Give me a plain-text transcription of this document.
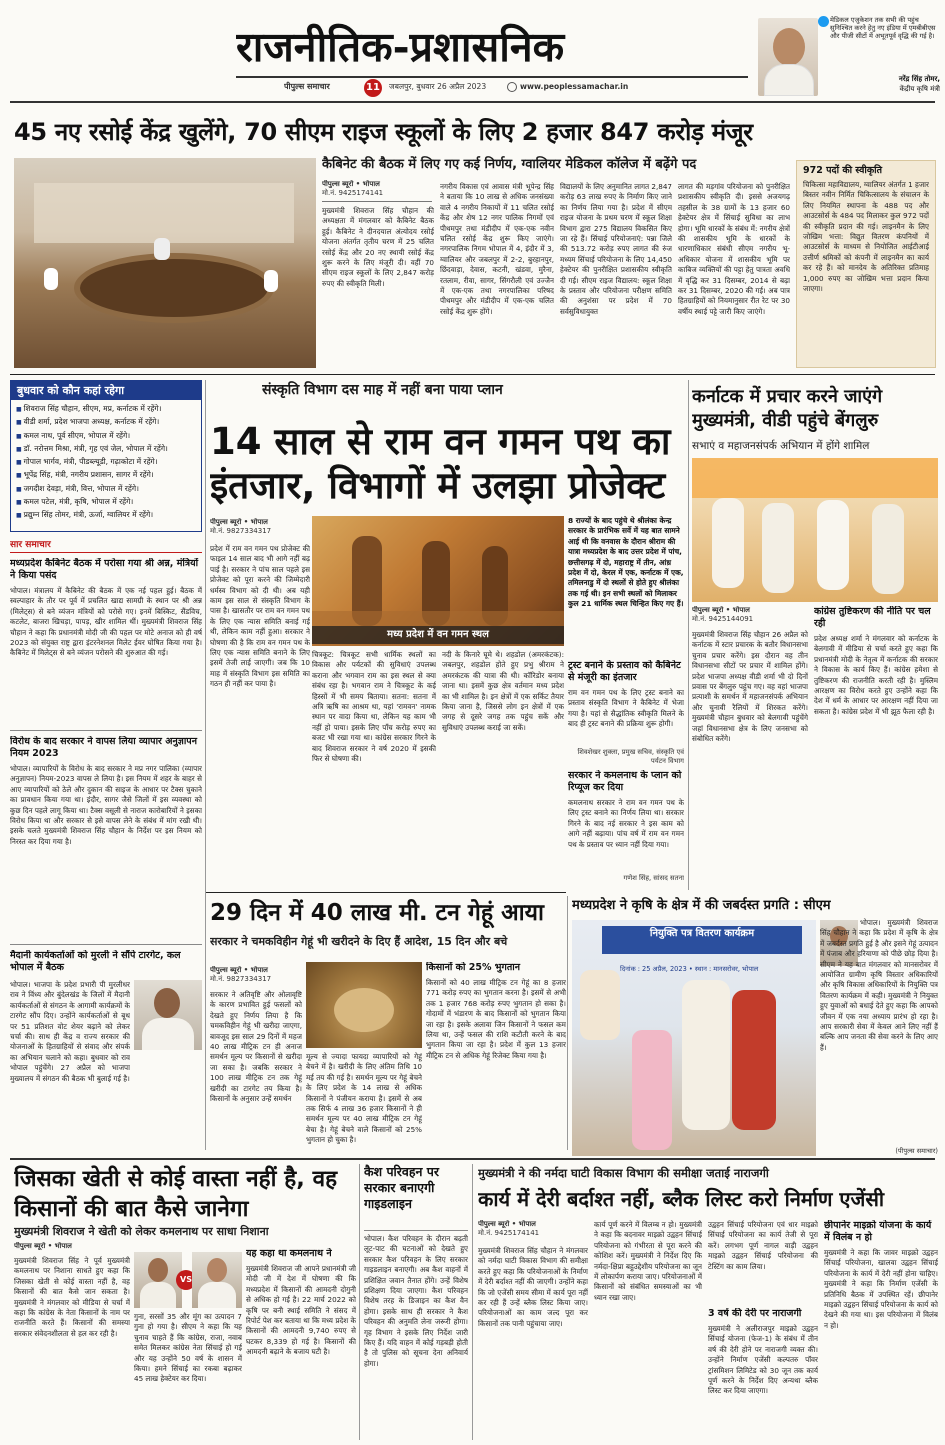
राजनीतिक-प्रशासनिक
पीपुल्स समाचार	11 जबलपुर, बुधवार 26 अप्रैल 2023	www.peoplessamachar.in
मेडिकल एजुकेशन तक सभी की पहुंच सुनिश्चित करने हेतु नए इंडिया में एमबीबीएस और पीजी सीटों में अभूतपूर्व वृद्धि की गई है।
नरेंद्र सिंह तोमर,
केंद्रीय कृषि मंत्री
45 नए रसोई केंद्र खुलेंगे, 70 सीएम राइज स्कूलों के लिए 2 हजार 847 करोड़ मंजूर
कैबिनेट की बैठक में लिए गए कई निर्णय, ग्वालियर मेडिकल कॉलेज में बढ़ेंगे पद
पीपुल्स ब्यूरो • भोपाल
मो.नं. 9425174141
मुख्यमंत्री शिवराज सिंह चौहान की अध्यक्षता में मंगलवार को कैबिनेट बैठक हुई। कैबिनेट ने दीनदयाल अंत्योदय रसोई योजना अंतर्गत तृतीय चरण में 25 चलित रसोई केंद्र और 20 नए स्थायी रसोई केंद्र शुरू करने के लिए मंजूरी दी। वहीं 70 सीएम राइज स्कूलों के लिए 2,847 करोड़ रुपए की स्वीकृति मिली।
नगरीय विकास एवं आवास मंत्री भूपेन्द्र सिंह ने बताया कि 10 लाख से अधिक जनसंख्या वाले 4 नगरीय निकायों में 11 चलित रसोई केंद्र और शेष 12 नगर पालिक निगमों एवं पीथमपुर तथा मंडीदीप में एक-एक नवीन चलित रसोई केंद्र शुरू किए जाएंगे। नगरपालिक निगम भोपाल में 4, इंदौर में 3, ग्वालियर और जबलपुर में 2-2, बुरहानपुर, छिंदवाड़ा, देवास, कटनी, खंडवा, मुरैना, रतलाम, रीवा, सागर, सिंगरौली एवं उज्जैन में एक-एक तथा नगरपालिका परिषद पीथमपुर और मंडीदीप में एक-एक चलित रसोई केंद्र शुरू होंगे।
विद्यालयों के लिए अनुमानित लागत 2,847 करोड़ 63 लाख रुपए के निर्माण किए जाने का निर्णय लिया गया है। प्रदेश में सीएम राइज योजना के प्रथम चरण में स्कूल शिक्षा विभाग द्वारा 275 विद्यालय विकसित किए जा रहे हैं। सिंचाई परियोजनाएं: पन्ना जिले की 513.72 करोड़ रुपए लागत की रुंज मध्यम सिंचाई परियोजना के लिए 14,450 हेक्टेयर की पुनरीक्षित प्रशासकीय स्वीकृति दी गई। सीएम राइज विद्यालय: स्कूल शिक्षा के प्रस्ताव और परियोजना परीक्षण समिति की अनुशंसा पर प्रदेश में 70 सर्वसुविधायुक्त
लागत की मड़गांव परियोजना को पुनरीक्षित प्रशासकीय स्वीकृति दी। इससे अजयगढ़ तहसील के 38 ग्रामों के 13 हजार 60 हेक्टेयर क्षेत्र में सिंचाई सुविधा का लाभ होगा। भूमि धारकों के संबंध में: नगरीय क्षेत्रों की शासकीय भूमि के धारकों के धारणाधिकार संबंधी सीएम नगरीय भू-अधिकार योजना में शासकीय भूमि पर काबिज व्यक्तियों की पट्टा हेतु पात्रता अवधि में वृद्धि कर 31 दिसम्बर, 2014 से बढ़ा कर 31 दिसम्बर, 2020 की गई। अब पात्र हितग्राहियों को नियमानुसार रीत रेट पर 30 वर्षीय स्थाई पट्टे जारी किए जाएंगे।
972 पदों की स्वीकृति
चिकित्सा महाविद्यालय, ग्वालियर अंतर्गत 1 हजार बिस्तर नवीन निर्मित चिकित्सालय के संचालन के लिए नियमित स्थापना के 488 पद और आउटसोर्स के 484 पद मिलाकर कुल 972 पदों की स्वीकृति प्रदान की गई। लाइनमैन के लिए जोखिम भत्ता: विद्युत वितरण कंपनियों में आउटसोर्स के माध्यम से नियोजित आईटीआई उत्तीर्ण श्रमिकों को कंपनी में लाइनमैन का कार्य कर रहे हैं। को मानदेय के अतिरिक्त प्रतिमाह 1,000 रुपए का जोखिम भत्ता प्रदान किया जाएगा।
बुधवार को कौन कहां रहेगा
■ शिवराज सिंह चौहान, सीएम, मप्र, कर्नाटक में रहेंगे।
■ वीडी शर्मा, प्रदेश भाजपा अध्यक्ष, कर्नाटक में रहेंगे।
■ कमल नाथ, पूर्व सीएम, भोपाल में रहेंगे।
■ डॉ. नरोत्तम मिश्रा, मंत्री, गृह एवं जेल, भोपाल में रहेंगे।
■ गोपाल भार्गव, मंत्री, पीडब्ल्यूडी, गढ़ाकोटा में रहेंगे।
■ भूपेंद्र सिंह, मंत्री, नगरीय प्रशासन, सागर में रहेंगे।
■ जगदीश देवड़ा, मंत्री, वित्त, भोपाल में रहेंगे।
■ कमल पटेल, मंत्री, कृषि, भोपाल में रहेंगे।
■ प्रद्युम्न सिंह तोमर, मंत्री, ऊर्जा, ग्वालियर में रहेंगे।
सार समाचार
मध्यप्रदेश कैबिनेट बैठक में परोसा गया श्री अन्न, मंत्रियों ने किया पसंद
भोपाल। मंत्रालय में कैबिनेट की बैठक में एक नई पहल हुई। बैठक में स्वल्पाहार के तौर पर पूर्व में प्रचलित खाद्य सामग्री के स्थान पर श्री अन्न (मिलेट्स) से बने व्यंजन मंत्रियों को परोसे गए। इनमें बिस्किट, सैंडविच, कटलेट, बाजरा खिचड़ा, पापड़, खीर शामिल थीं। मुख्यमंत्री शिवराज सिंह चौहान ने कहा कि प्रधानमंत्री मोदी जी की पहल पर मोटे अनाज को ही वर्ष 2023 को संयुक्त राष्ट्र द्वारा इंटरनेशनल मिलेट ईयर घोषित किया गया है। कैबिनेट में मिलेट्स से बने व्यंजन परोसने की शुरुआत की गई।
विरोध के बाद सरकार ने वापस लिया व्यापार अनुज्ञापन नियम 2023
भोपाल। व्यापारियों के विरोध के बाद सरकार ने मप्र नगर पालिका (व्यापार अनुज्ञापन) नियम-2023 वापस ले लिया है। इस नियम में शहर के बाहर से आए व्यापारियों को ठेले और दुकान की साइज के आधार पर टैक्स चुकाने का प्रावधान किया गया था। इंदौर, सागर जैसे जिलों में इस व्यवस्था को कुछ दिन पहले लागू किया था। टैक्स वसूली से नाराज कारोबारियों ने इसका विरोध किया था और सरकार से इसे वापस लेने के संबंध में मांग रखी थी। इसके चलते मुख्यमंत्री शिवराज सिंह चौहान के निर्देश पर इस नियम को निरस्त कर दिया गया है।
मैदानी कार्यकर्ताओं को मुरली ने सौंपे टारगेट, कल भोपाल में बैठक
भोपाल। भाजपा के प्रदेश प्रभारी पी मुरलीधर राव ने विंध्य और बुंदेलखंड के जिलों में मैदानी कार्यकर्ताओं से संगठन के आगामी कार्यक्रमों के टारगेट सौंप दिए। उन्होंने कार्यकर्ताओं से बूथ पर 51 प्रतिशत वोट शेयर बढ़ाने को लेकर चर्चा की। साथ ही केंद्र व राज्य सरकार की योजनाओं के हितग्राहियों से संवाद और संपर्क का अभियान चलाने को कहा। बुधवार को राव भोपाल पहुंचेंगे। 27 अप्रैल को भाजपा मुख्यालय में संगठन की बैठक भी बुलाई गई है।
संस्कृति विभाग दस माह में नहीं बना पाया प्लान
14 साल से राम वन गमन पथ का इंतजार, विभागों में उलझा प्रोजेक्ट
पीपुल्स ब्यूरो • भोपाल
मो.नं. 9827334317
प्रदेश में राम वन गमन पथ प्रोजेक्ट की फाइल 14 साल बाद भी आगे नहीं बढ़ पाई है। सरकार ने पांच साल पहले इस प्रोजेक्ट को पूरा करने की जिम्मेदारी धर्मस्व विभाग को दी थी। अब यही काम इस साल से संस्कृति विभाग के पास है। खासतौर पर राम वन गमन पथ के लिए एक न्यास समिति बनाई गई थी, लेकिन काम नहीं हुआ। सरकार ने घोषणा की है कि राम वन गमन पथ के लिए एक न्यास समिति बनाने के लिए इसमें तेजी लाई जाएगी। जब कि 10 माह में संस्कृति विभाग इस समिति का गठन ही नहीं कर पाया है।
मध्य प्रदेश में वन गमन स्थल
चित्रकूट: चित्रकूट सभी धार्मिक स्थलों का विकास और पर्यटकों की सुविधाएं उपलब्ध कराना और भगवान राम का इस स्थल से क्या संबंध रहा है। भगवान राम ने चित्रकूट के कई हिस्सों में भी समय बिताया। सतना: सतना में अत्रि ऋषि का आश्रम था, यहां 'रामवन' नामक स्थान पर वादा किया था, लेकिन यह काम भी नहीं हो पाया। इसके लिए पाँच करोड़ रुपए का बजट भी रखा गया था। कांग्रेस सरकार गिरने के बाद शिवराज सरकार ने वर्ष 2020 में इसकी फिर से घोषणा की।
नदी के किनारे घूमे थे। शहडोल (अमरकंटक): जबलपुर, शहडोल होते हुए प्रभु श्रीराम ने अमरकंटक की यात्रा की थी। कॉरिडोर बनाया जाना था। इसमें कुछ क्षेत्र वर्तमान मध्य प्रदेश का भी शामिल है। इन क्षेत्रों में एक सर्किट तैयार किया जाना है, जिससे लोग इन क्षेत्रों में एक जगह से दूसरे जगह तक पहुंच सकें और सुविधाएं उपलब्ध कराई जा सकें।
8 राज्यों के बाद पहुंचे थे श्रीलंका केन्द्र सरकार के प्रारंभिक सर्वे में यह बात सामने आई थी कि वनवास के दौरान श्रीराम की यात्रा मध्यप्रदेश के बाद उत्तर प्रदेश में पांच, छत्तीसगढ़ में दो, महाराष्ट्र में तीन, आंध्र प्रदेश में दो, केरल में एक, कर्नाटक में एक, तमिलनाडु में दो स्थलों से होते हुए श्रीलंका तक गई थी। इन सभी स्थलों को मिलाकर कुल 21 धार्मिक स्थल चिन्हित किए गए हैं।
ट्रस्ट बनाने के प्रस्ताव को कैबिनेट से मंजूरी का इंतजार
राम वन गमन पथ के लिए ट्रस्ट बनाने का प्रस्ताव संस्कृति विभाग ने कैबिनेट में भेजा गया है। यहां से सैद्धांतिक स्वीकृति मिलने के बाद ही ट्रस्ट बनाने की प्रक्रिया शुरू होगी।
शिवशेखर शुक्ला, प्रमुख सचिव, संस्कृति एवं पर्यटन विभाग
सरकार ने कमलनाथ के प्लान को रिप्यूज कर दिया
कमलनाथ सरकार ने राम वन गमन पथ के लिए ट्रस्ट बनाने का निर्णय लिया था। सरकार गिरने के बाद नई सरकार ने इस काम को आगे नहीं बढ़ाया। पांच वर्ष में राम वन गमन पथ के प्रस्ताव पर ध्यान नहीं दिया गया।
गणेश सिंह, सांसद सतना
कर्नाटक में प्रचार करने जाएंगे मुख्यमंत्री, वीडी पहुंचे बेंगलुरु
सभाएं व महाजनसंपर्क अभियान में होंगे शामिल
पीपुल्स ब्यूरो • भोपाल
मो.नं. 9425144091
मुख्यमंत्री शिवराज सिंह चौहान 26 अप्रैल को कर्नाटक में स्टार प्रचारक के बतौर विधानसभा चुनाव प्रचार करेंगे। इस दौरान वह तीन विधानसभा सीटों पर प्रचार में शामिल होंगे। प्रदेश भाजपा अध्यक्ष वीडी शर्मा भी दो दिनों प्रवास पर बेंगलुरु पहुंच गए। वह वहां भाजपा प्रत्याशी के समर्थन में महाजनसंपर्क अभियान और चुनावी रैलियों में शिरकत करेंगे। मुख्यमंत्री चौहान बुधवार को बेलगावी पहुंचेंगे जहां विधानसभा क्षेत्र के लिए जनसभा को संबोधित करेंगे।
कांग्रेस तुष्टिकरण की नीति पर चल रही
प्रदेश अध्यक्ष शर्मा ने मंगलवार को कर्नाटक के बेलगावी में मीडिया से चर्चा करते हुए कहा कि प्रधानमंत्री मोदी के नेतृत्व में कर्नाटक की सरकार ने विकास के कार्य किए हैं। कांग्रेस हमेशा से तुष्टिकरण की राजनीति करती रही है। मुस्लिम आरक्षण का विरोध करते हुए उन्होंने कहा कि देश में धर्म के आधार पर आरक्षण नहीं दिया जा सकता है। कांग्रेस प्रदेश में भी झूठ फैला रही है।
29 दिन में 40 लाख मी. टन गेहूं आया
सरकार ने चमकविहीन गेहूं भी खरीदने के दिए हैं आदेश, 15 दिन और बचे
पीपुल्स ब्यूरो • भोपाल
मो.नं. 9827334317
सरकार ने अतिवृष्टि और ओलावृष्टि के कारण प्रभावित हुई फसलों को देखते हुए निर्णय लिया है कि चमकविहीन गेहूं भी खरीदा जाएगा, बावजूद इस साल 29 दिनों में महज 40 लाख मीट्रिक टन ही अनाज समर्थन मूल्य पर किसानों से खरीदा जा सका है। जबकि सरकार ने 100 लाख मीट्रिक टन तक गेहूं खरीदी का टारगेट तय किया है। किसानों के अनुसार उन्हें समर्थन
मूल्य से ज्यादा फायदा व्यापारियों को गेहूं बेचने में है। खरीदी के लिए अंतिम तिथि 10 मई तय की गई है। समर्थन मूल्य पर गेहूं बेचने के लिए प्रदेश के 14 लाख से अधिक किसानों ने पंजीयन कराया है। इसमें से अब तक सिर्फ 4 लाख 36 हजार किसानों ने ही समर्थन मूल्य पर 40 लाख मीट्रिक टन गेहूं बेचा है। गेहूं बेचने वाले किसानों को 25% भुगतान हो चुका है।
किसानों को 25% भुगतान
किसानों को 40 लाख मीट्रिक टन गेहूं का 8 हजार 771 करोड़ रुपए का भुगतान करना है। इसमें से अभी तक 1 हजार 768 करोड़ रुपए भुगतान हो सका है। गोदामों में भंडारण के बाद किसानों को भुगतान किया जा रहा है। इसके अलावा जिन किसानों ने फसल कम लिया था, उन्हें फसल की राशि कटौती करने के बाद भुगतान किया जा रहा है। प्रदेश में कुल 13 हजार मीट्रिक टन से अधिक गेहूं रिजेक्ट किया गया है।
मध्यप्रदेश ने कृषि के क्षेत्र में की जबर्दस्त प्रगति : सीएम
नियुक्ति पत्र वितरण कार्यक्रम
दिनांक : 25 अप्रैल, 2023 • स्थान : मानसरोवर, भोपाल
भोपाल। मुख्यमंत्री शिवराज सिंह चौहान ने कहा कि प्रदेश में कृषि के क्षेत्र में जबर्दस्त प्रगति हुई है और इसने गेहूं उत्पादन में पंजाब और हरियाणा को पीछे छोड़ दिया है। सीएम ने यह बात मंगलवार को मानसरोवर में आयोजित ग्रामीण कृषि विस्तार अधिकारियों और कृषि विकास अधिकारियों के नियुक्ति पत्र वितरण कार्यक्रम में कही। मुख्यमंत्री ने नियुक्त हुए युवाओं को बधाई देते हुए कहा कि आपको जीवन में एक नया अध्याय प्रारंभ हो रहा है। आप सरकारी सेवा में केवल आने लिए नहीं हैं बल्कि आप जनता की सेवा करने के लिए आए हैं।
(पीपुल्स समाचार)
जिसका खेती से कोई वास्ता नहीं है, वह किसानों की बात कैसे जानेगा
मुख्यमंत्री शिवराज ने खेती को लेकर कमलनाथ पर साधा निशाना
पीपुल्स ब्यूरो • भोपाल
VS
मुख्यमंत्री शिवराज सिंह ने पूर्व मुख्यमंत्री कमलनाथ पर निशाना साधते हुए कहा कि जिसका खेती से कोई वास्ता नहीं है, वह किसानों की बात कैसे जान सकता है। मुख्यमंत्री ने मंगलवार को मीडिया से चर्चा में कहा कि कांग्रेस के नेता किसानों के नाम पर राजनीति करते हैं। किसानों की समस्या सरकार संवेदनशीलता से हल कर रही है।
गुना, सरसों 35 और मूंग का उत्पादन 7 गुना हो गया है। सीएम ने कहा कि यह चुनाव चाहते हैं कि कांग्रेस, राजा, नवाब समेत मिलकर कांग्रेस नेता सिंचाई हो गई और यह उन्होंने 50 वर्ष के शासन में किया। हमने सिंचाई का रकबा बढ़ाकर 45 लाख हेक्टेयर कर दिया।
यह कहा था कमलनाथ ने
मुख्यमंत्री शिवराज जी आपने प्रधानमंत्री जी मोदी जी में देश में घोषणा की कि मध्यप्रदेश में किसानों की आमदनी दोगुनी से अधिक हो गई है। 22 मार्च 2022 को कृषि पर बनी स्थाई समिति ने संसद में रिपोर्ट पेश कर बताया था कि मध्य प्रदेश के किसानों की आमदनी 9,740 रुपए से घटकर 8,339 हो गई है। किसानों की आमदनी बढ़ाने के बजाय घटी है।
कैश परिवहन पर सरकार बनाएगी गाइडलाइन
भोपाल। कैश परिवहन के दौरान बढ़ती लूट-पाट की घटनाओं को देखते हुए सरकार कैश परिवहन के लिए सरकार गाइडलाइन बनाएगी। अब कैश वाहनों में प्रशिक्षित जवान तैनात होंगे। उन्हें विशेष प्रशिक्षण दिया जाएगा। कैश परिवहन विशेष तरह के डिजाइन का कैश वैन होगा। इसके साथ ही सरकार ने कैश परिवहन की अनुमति लेना जरूरी होगा। गृह विभाग ने इसके लिए निर्देश जारी किए हैं। यदि वाहन में कोई गड़बड़ी होती है तो पुलिस को सूचना देना अनिवार्य होगा।
मुख्यमंत्री ने की नर्मदा घाटी विकास विभाग की समीक्षा जताई नाराजगी
कार्य में देरी बर्दाश्त नहीं, ब्लैक लिस्ट करो निर्माण एजेंसी
पीपुल्स ब्यूरो • भोपाल
मो.नं. 9425174141
मुख्यमंत्री शिवराज सिंह चौहान ने मंगलवार को नर्मदा घाटी विकास विभाग की समीक्षा करते हुए कहा कि परियोजनाओं के निर्माण में देरी बर्दाश्त नहीं की जाएगी। उन्होंने कहा कि जो एजेंसी समय सीमा में कार्य पूरा नहीं कर रही हैं उन्हें ब्लैक लिस्ट किया जाए। परियोजनाओं का काम जल्द पूरा कर किसानों तक पानी पहुंचाया जाए।
कार्य पूर्ण करने में विलम्ब न हो। मुख्यमंत्री ने कहा कि बदनावर माइक्रो उद्वहन सिंचाई परियोजना को गंभीरता से पूरा करने की कोशिश करें। मुख्यमंत्री ने निर्देश दिए कि नर्मदा-क्षिप्रा बहुउद्देशीय परियोजना का जून में लोकार्पण कराया जाए। परियोजनाओं में किसानों को संबंधित समस्याओं का भी ध्यान रखा जाए।
उद्वहन सिंचाई परियोजना एवं धार माइक्रो सिंचाई परियोजना का कार्य तेजी से पूरा करें। लगभग पूर्ण नागल वाड़ी उद्वहन माइक्रो उद्वहन सिंचाई परियोजना की टेस्टिंग का काम लिया।
3 वर्ष की देरी पर नाराजगी
मुख्यमंत्री ने अलीराजपुर माइक्रो उद्वहन सिंचाई योजना (फेज-1) के संबंध में तीन वर्ष की देरी होने पर नाराजगी व्यक्त की। उन्होंने निर्माण एजेंसी कल्पतरु पॉवर ट्रांसमिशन लिमिटेड को 30 जून तक कार्य पूर्ण करने के निर्देश दिए अन्यथा ब्लैक लिस्ट कर दिया जाएगा।
छीपानेर माइक्रो योजना के कार्य में विलंब न हो
मुख्यमंत्री ने कहा कि जावर माइक्रो उद्वहन सिंचाई परियोजना, खालवा उद्वहन सिंचाई परियोजना के कार्य में देरी नहीं होना चाहिए। मुख्यमंत्री ने कहा कि निर्माण एजेंसी के प्रतिनिधि बैठक में उपस्थित रहें। छीपानेर माइक्रो उद्वहन सिंचाई परियोजना के कार्य को देखने की गया था। इस परियोजना में विलंब न हो।
